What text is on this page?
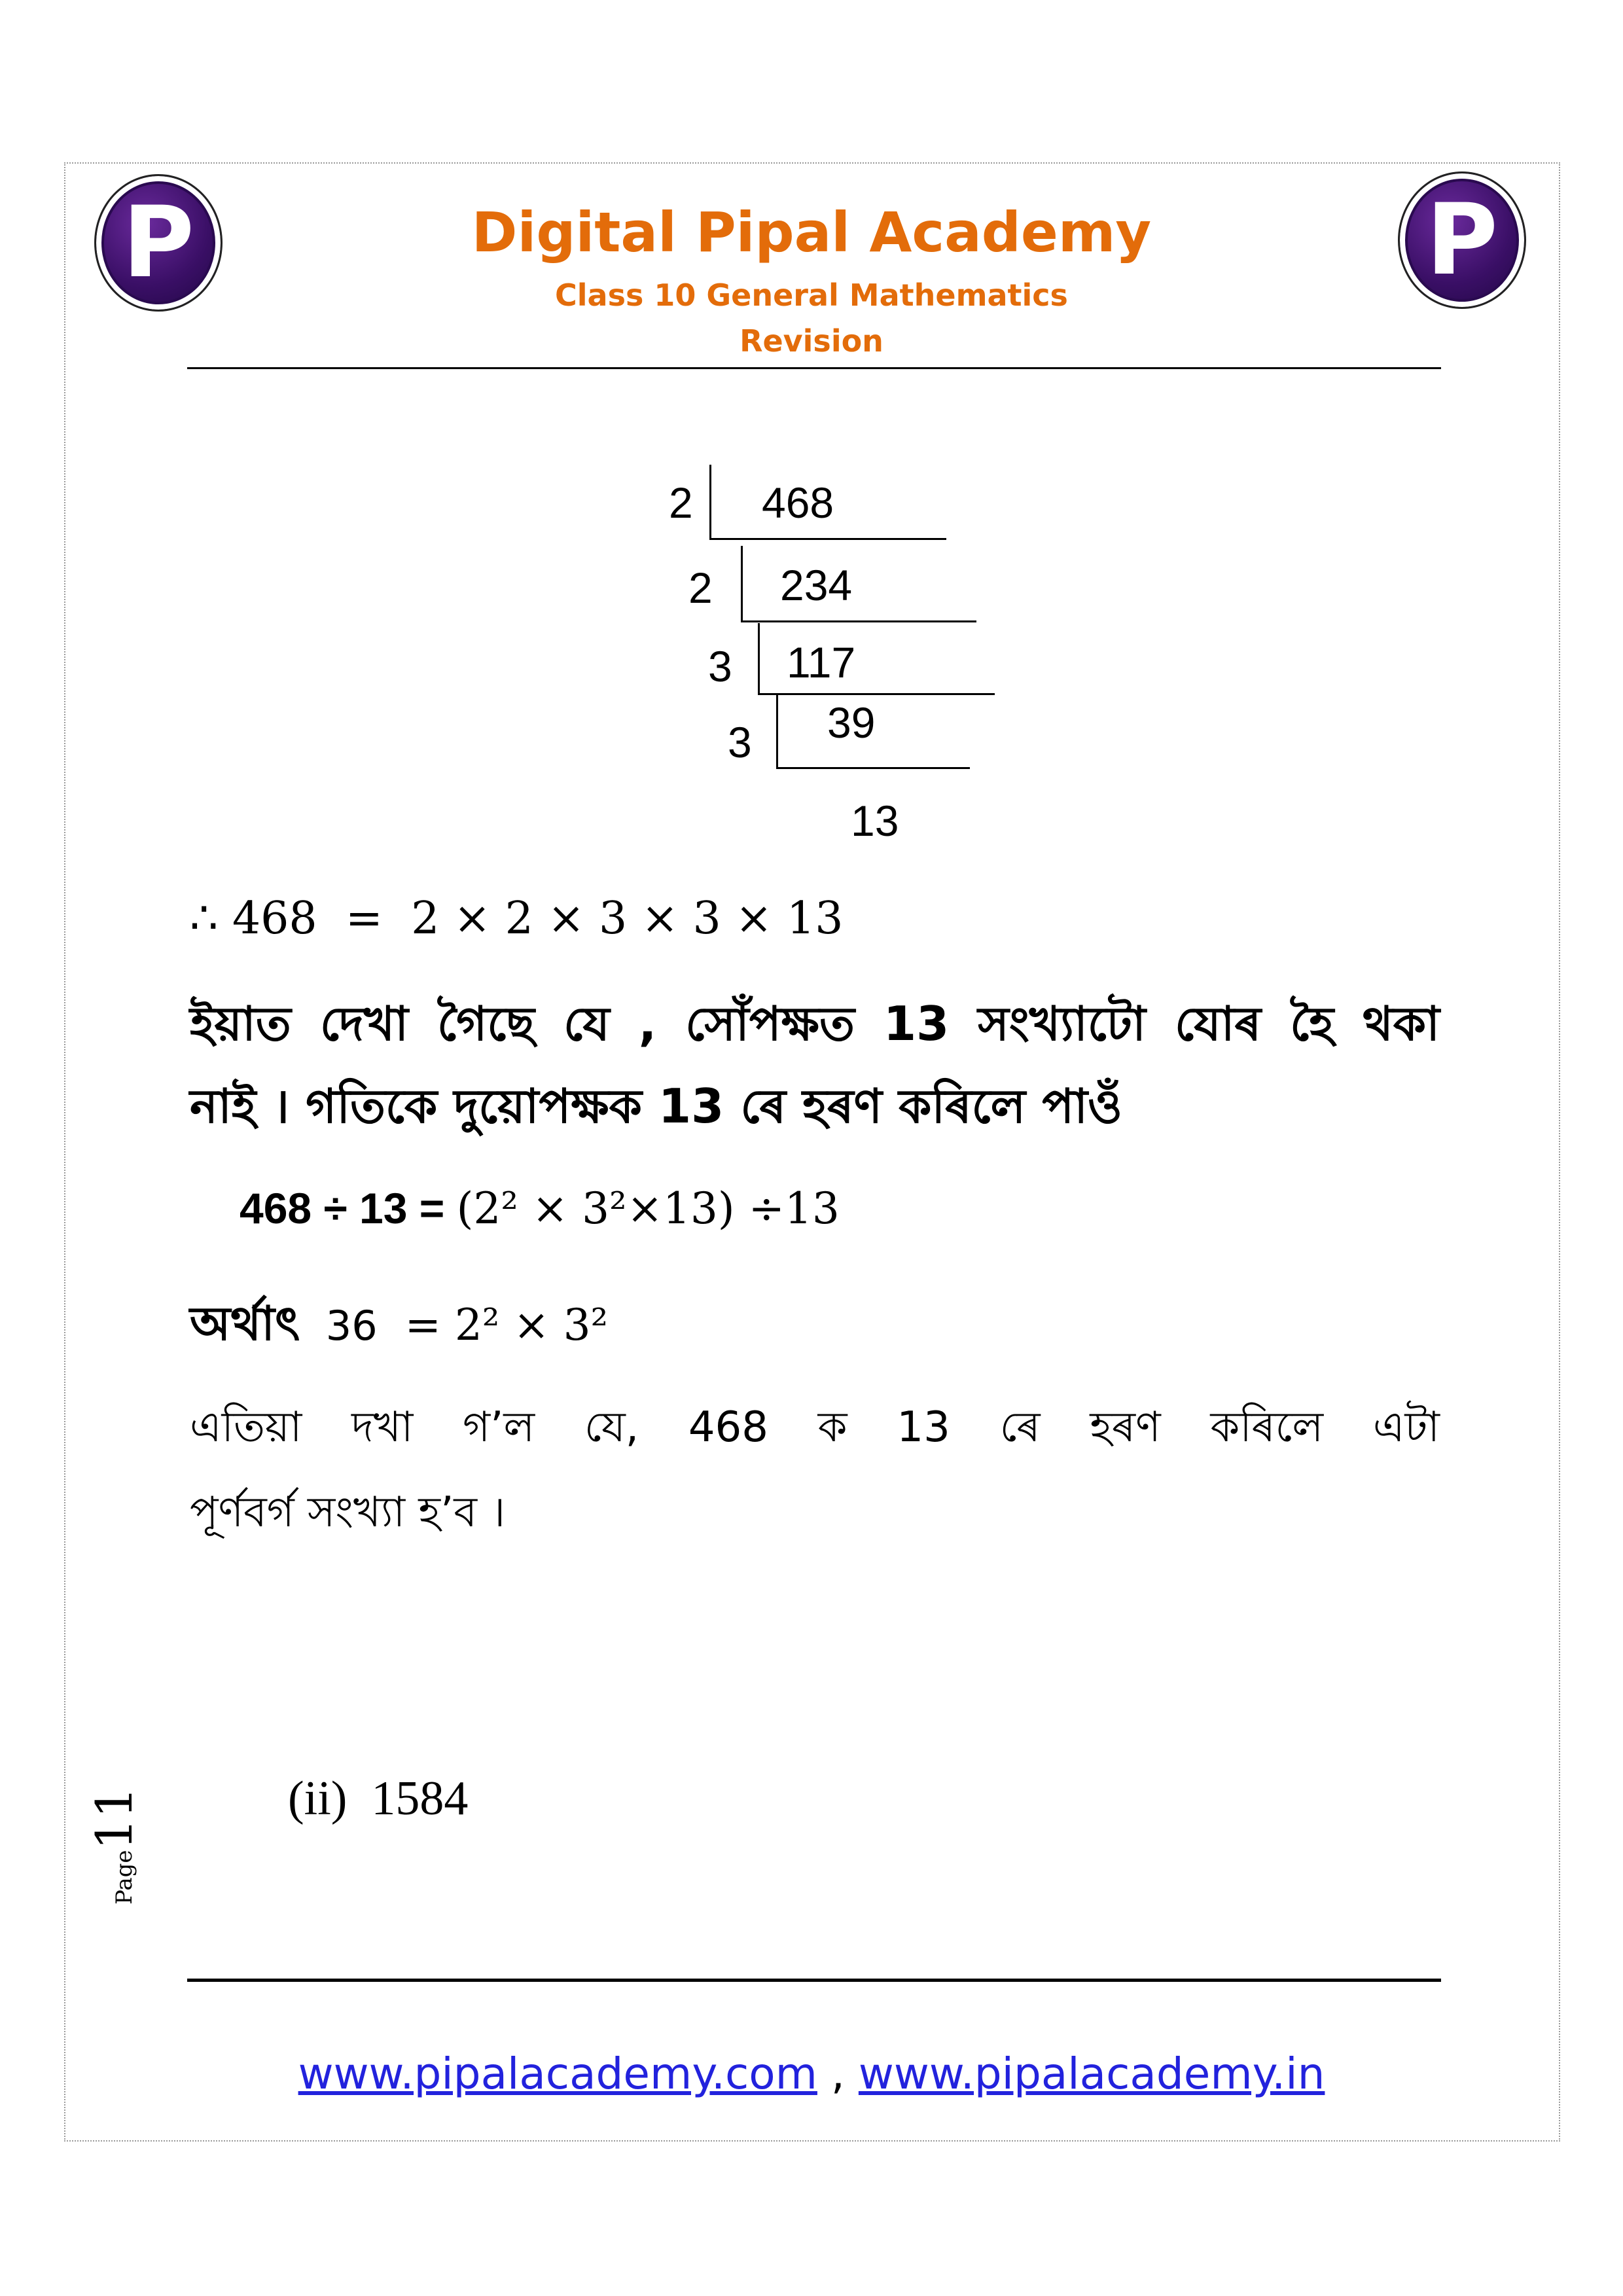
P	P
Digital Pipal Academy
Class 10 General Mathematics
Revision
2 468
2 234
3 117
3 39
13
∴ 468  =  2 × 2 × 3 × 3 × 13
ইয়াত দেখা গৈছে যে , সোঁপক্ষত 13 সংখ্যাটো যোৰ হৈ থকা
নাই । গতিকে দুয়োপক্ষক 13 ৰে হৰণ কৰিলে পাওঁ
468 ÷ 13 = (2² × 3²×13) ÷13
অৰ্থাৎ 36 = 2² × 3²
এতিয়া দখা গ’ল যে, 468 ক 13 ৰে হৰণ কৰিলে এটা
পূৰ্ণবৰ্গ সংখ্যা হ’ব ।
(ii)  1584
Page11
www.pipalacademy.com , www.pipalacademy.in
